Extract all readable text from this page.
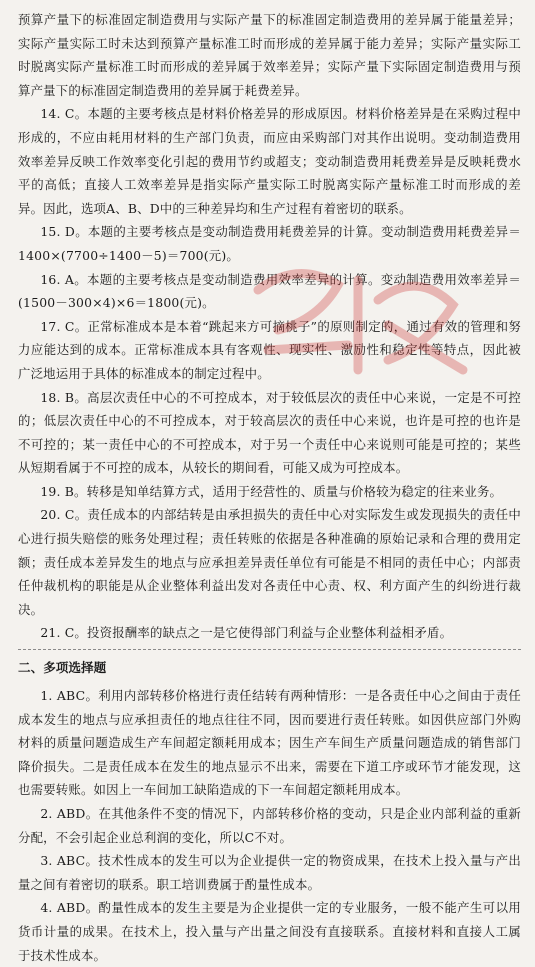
预算产量下的标准固定制造费用与实际产量下的标准固定制造费用的差异属于能量差异；实际产量实际工时未达到预算产量标准工时而形成的差异属于能力差异；实际产量实际工时脱离实际产量标准工时而形成的差异属于效率差异；实际产量下实际固定制造费用与预算产量下的标准固定制造费用的差异属于耗费差异。

14. C。本题的主要考核点是材料价格差异的形成原因。材料价格差异是在采购过程中形成的，不应由耗用材料的生产部门负责，而应由采购部门对其作出说明。变动制造费用效率差异反映工作效率变化引起的费用节约或超支；变动制造费用耗费差异是反映耗费水平的高低；直接人工效率差异是指实际产量实际工时脱离实际产量标准工时而形成的差异。因此，选项A、B、D中的三种差异均和生产过程有着密切的联系。

15. D。本题的主要考核点是变动制造费用耗费差异的计算。变动制造费用耗费差异＝1400×(7700÷1400－5)＝700(元)。

16. A。本题的主要考核点是变动制造费用效率差异的计算。变动制造费用效率差异＝(1500－300×4)×6＝1800(元)。

17. C。正常标准成本是本着“跳起来方可摘桃子”的原则制定的，通过有效的管理和努力应能达到的成本。正常标准成本具有客观性、现实性、激励性和稳定性等特点，因此被广泛地运用于具体的标准成本的制定过程中。

18. B。高层次责任中心的不可控成本，对于较低层次的责任中心来说，一定是不可控的；低层次责任中心的不可控成本，对于较高层次的责任中心来说，也许是可控的也许是不可控的；某一责任中心的不可控成本，对于另一个责任中心来说则可能是可控的；某些从短期看属于不可控的成本，从较长的期间看，可能又成为可控成本。

19. B。转移是知单结算方式，适用于经营性的、质量与价格较为稳定的往来业务。

20. C。责任成本的内部结转是由承担损失的责任中心对实际发生或发现损失的责任中心进行损失赔偿的账务处理过程；责任转账的依据是各种准确的原始记录和合理的费用定额；责任成本差异发生的地点与应承担差异责任单位有可能是不相同的责任中心；内部责任仲裁机构的职能是从企业整体利益出发对各责任中心责、权、利方面产生的纠纷进行裁决。

21. C。投资报酬率的缺点之一是它使得部门利益与企业整体利益相矛盾。

二、多项选择题

1. ABC。利用内部转移价格进行责任结转有两种情形：一是各责任中心之间由于责任成本发生的地点与应承担责任的地点往往不同，因而要进行责任转账。如因供应部门外购材料的质量问题造成生产车间超定额耗用成本；因生产车间生产质量问题造成的销售部门降价损失。二是责任成本在发生的地点显示不出来，需要在下道工序或环节才能发现，这也需要转账。如因上一车间加工缺陷造成的下一车间超定额耗用成本。

2. ABD。在其他条件不变的情况下，内部转移价格的变动，只是企业内部利益的重新分配，不会引起企业总利润的变化，所以C不对。

3. ABC。技术性成本的发生可以为企业提供一定的物资成果，在技术上投入量与产出量之间有着密切的联系。职工培训费属于酌量性成本。

4. ABD。酌量性成本的发生主要是为企业提供一定的专业服务，一般不能产生可以用货币计量的成果。在技术上，投入量与产出量之间没有直接联系。直接材料和直接人工属于技术性成本。
